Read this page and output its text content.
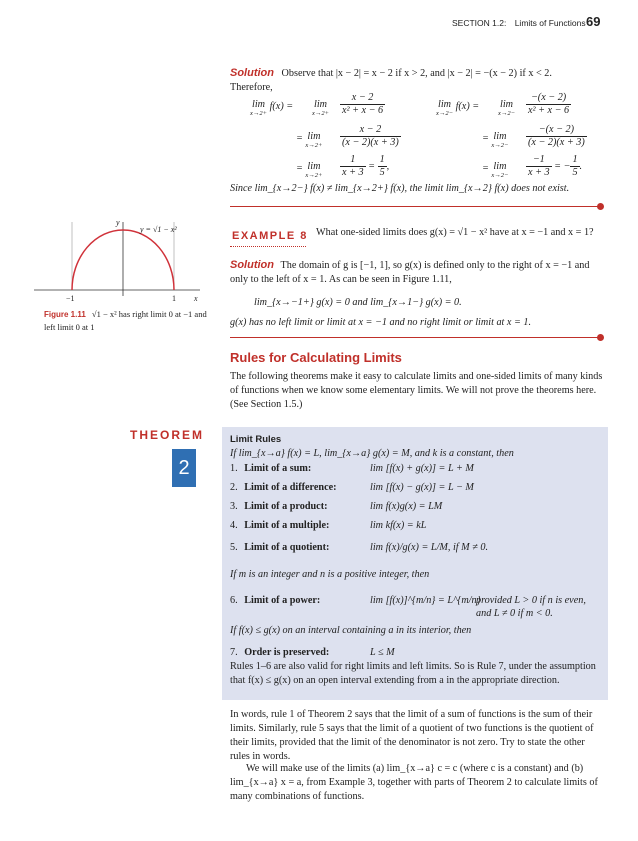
SECTION 1.2: Limits of Functions 69
Solution Observe that |x − 2| = x − 2 if x > 2, and |x − 2| = −(x − 2) if x < 2.
Therefore,
lim
x→2+
f(x) = lim
$x\to 2+ \frac{x - 2}{\text{x² + x − 6}}$
= lim
$x\to 2+ \frac{x - 2}{(x - 2)(x + 3)}$
= lim
$x\to 2+ \frac{1}{x + 3} = \frac{1}{5}$ ,
lim
x→2−
f(x) = lim
$x\to 2- \frac{-(x - 2)}{\text{x² + x − 6}}$
= lim
$x\to 2- \frac{-(x - 2)}{(x - 2)(x + 3)}$
= lim
$x\to 2- \frac{-1}{x + 3}$ = − $\frac{1}{5}$ .
Since lim_{x→2−} f(x) ≠ lim_{x→2+} f(x), the limit lim_{x→2} f(x) does not exist.
y
y = √1 − x²
−1	1 x
Figure 1.11 √1 − x² has right limit 0 at −1 and left limit 0 at 1
EXAMPLE 8 What one-sided limits does g(x) = √1 − x² have at x = −1 and x = 1?
Solution The domain of g is [−1, 1], so g(x) is defined only to the right of x = −1 and only to the left of x = 1. As can be seen in Figure 1.11,
lim_{x→−1+} g(x) = 0 and lim_{x→1−} g(x) = 0.
g(x) has no left limit or limit at x = −1 and no right limit or limit at x = 1.
Rules for Calculating Limits
The following theorems make it easy to calculate limits and one-sided limits of many kinds of functions when we know some elementary limits. We will not prove the theorems here. (See Section 1.5.)
THEOREM
2
Limit Rules
If lim_{x→a} f(x) = L, lim_{x→a} g(x) = M, and k is a constant, then
1. Limit of a sum:	lim [f(x) + g(x)] = L + M
2. Limit of a difference:	lim [f(x) − g(x)] = L − M
3. Limit of a product:	lim f(x)g(x) = LM
4. Limit of a multiple:	lim kf(x) = kL
5. Limit of a quotient:	lim f(x)/g(x) = L/M, if M ≠ 0.
If m is an integer and n is a positive integer, then
6. Limit of a power:	lim [f(x)]^{m/n} = L^{m/n}
provided L > 0 if n is even,
and L ≠ 0 if m < 0.
If f(x) ≤ g(x) on an interval containing a in its interior, then
7. Order is preserved:	L ≤ M
Rules 1–6 are also valid for right limits and left limits. So is Rule 7, under the assumption that f(x) ≤ g(x) on an open interval extending from a in the appropriate direction.
In words, rule 1 of Theorem 2 says that the limit of a sum of functions is the sum of their limits. Similarly, rule 5 says that the limit of a quotient of two functions is the quotient of their limits, provided that the limit of the denominator is not zero. Try to state the other rules in words.
We will make use of the limits (a) lim_{x→a} c = c (where c is a constant) and (b) lim_{x→a} x = a, from Example 3, together with parts of Theorem 2 to calculate limits of many combinations of functions.
